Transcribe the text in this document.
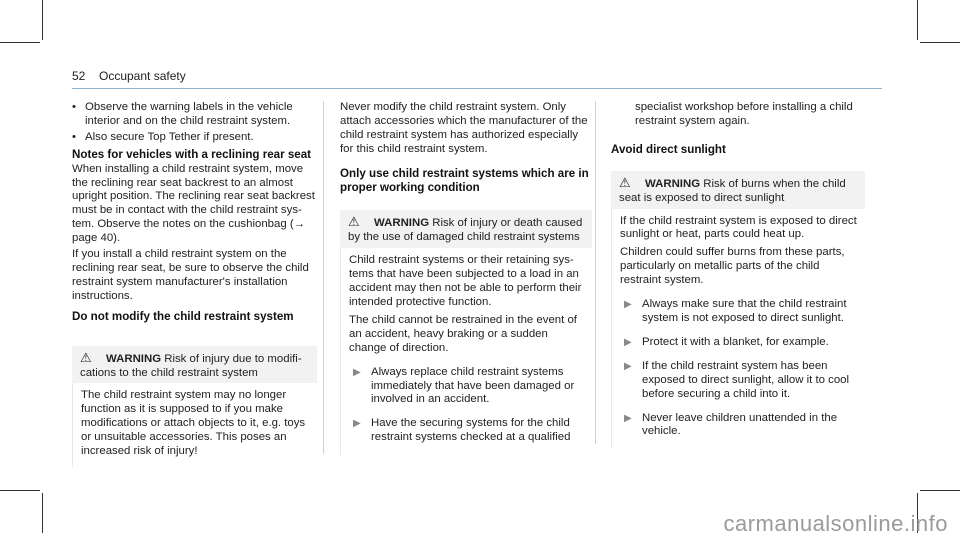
52 Occupant safety
• Observe the warning labels in the vehicle interior and on the child restraint system.
• Also secure Top Tether if present.
Notes for vehicles with a reclining rear seat

When installing a child restraint system, move the reclining rear seat backrest to an almost upright position. The reclining rear seat backrest must be in contact with the child restraint sys-tem. Observe the notes on the cushionbag (→ page 40).

If you install a child restraint system on the reclining rear seat, be sure to observe the child restraint system manufacturer's installation instructions.

Do not modify the child restraint system
⚠ WARNING Risk of injury due to modifi-cations to the child restraint system

The child restraint system may no longer function as it is supposed to if you make modifications or attach objects to it, e.g. toys or unsuitable accessories. This poses an increased risk of injury!

Never modify the child restraint system. Only attach accessories which the manufacturer of the child restraint system has authorized especially for this child restraint system.

Only use child restraint systems which are in proper working condition
⚠ WARNING Risk of injury or death caused by the use of damaged child restraint systems

Child restraint systems or their retaining sys-tems that have been subjected to a load in an accident may then not be able to perform their intended protective function.

The child cannot be restrained in the event of an accident, heavy braking or a sudden change of direction.

▶ Always replace child restraint systems immediately that have been damaged or involved in an accident.
▶ Have the securing systems for the child restraint systems checked at a qualified

specialist workshop before installing a child restraint system again.

Avoid direct sunlight
⚠ WARNING Risk of burns when the child seat is exposed to direct sunlight

If the child restraint system is exposed to direct sunlight or heat, parts could heat up.

Children could suffer burns from these parts, particularly on metallic parts of the child restraint system.

▶ Always make sure that the child restraint system is not exposed to direct sunlight.
▶ Protect it with a blanket, for example.
▶ If the child restraint system has been exposed to direct sunlight, allow it to cool before securing a child into it.
▶ Never leave children unattended in the vehicle.
carmanualsonline.info
